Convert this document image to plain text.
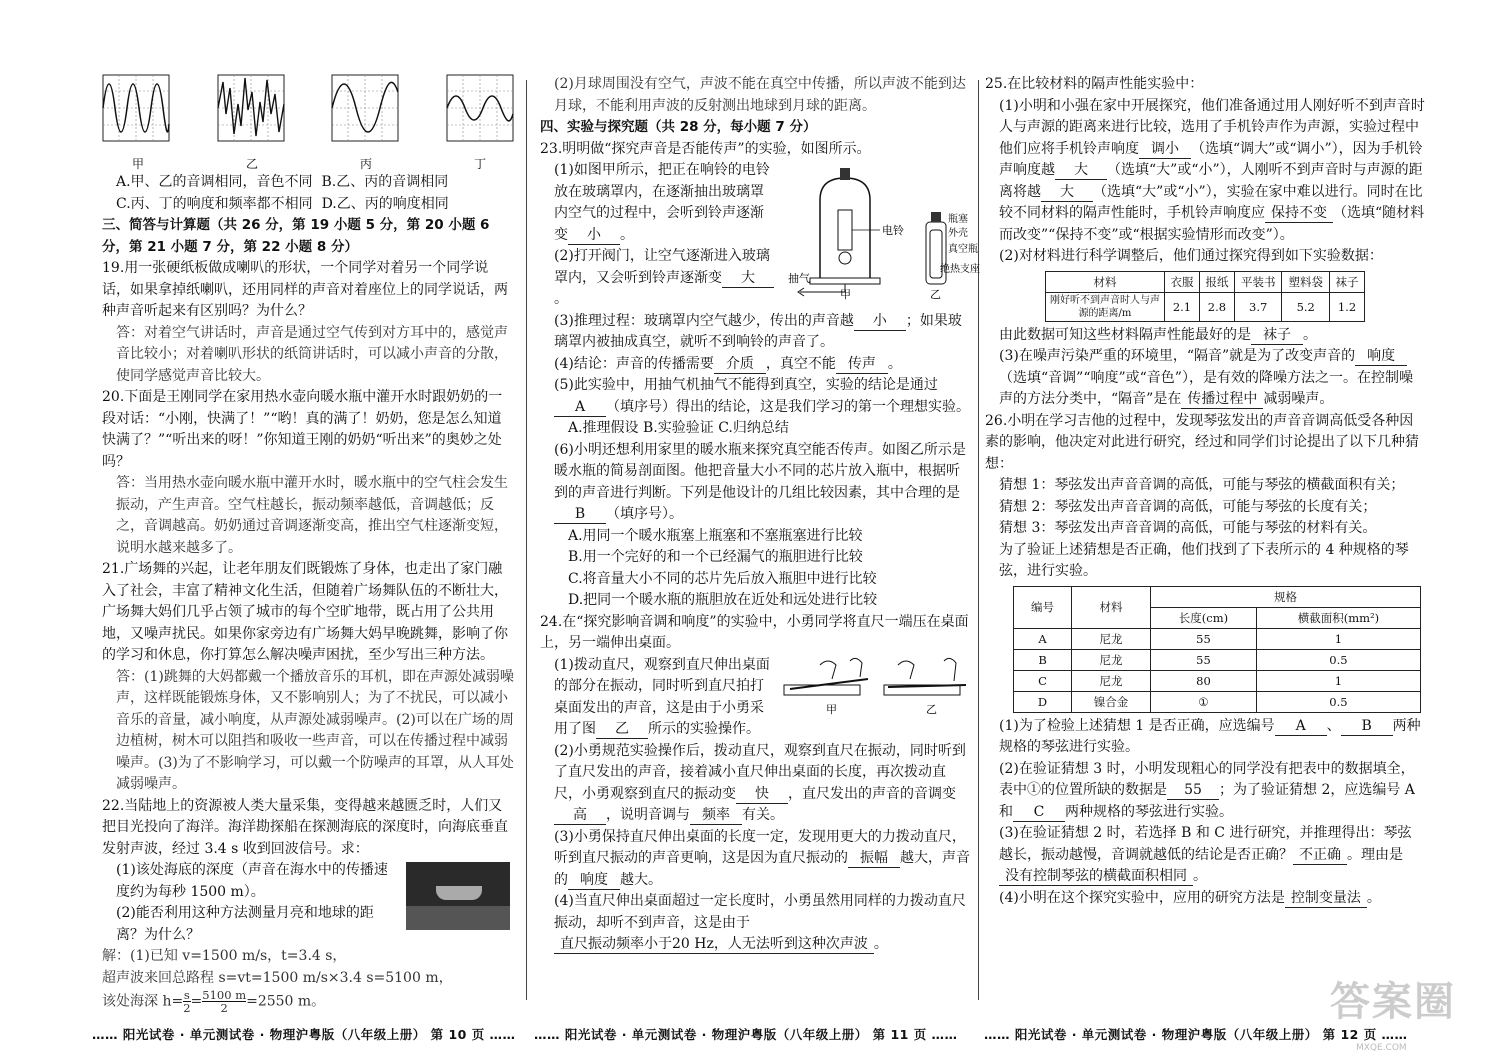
甲	乙	丙	丁

A.甲、乙的音调相同，音色不同 B.乙、丙的音调相同

C.丙、丁的响度和频率都不相同 D.乙、丙的响度相同

三、简答与计算题（共 26 分，第 19 小题 5 分，第 20 小题 6 分，第 21 小题 7 分，第 22 小题 8 分）

19.用一张硬纸板做成喇叭的形状，一个同学对着另一个同学说话，如果拿掉纸喇叭，还用同样的声音对着座位上的同学说话，两种声音听起来有区别吗？为什么？

答：对着空气讲话时，声音是通过空气传到对方耳中的，感觉声音比较小；对着喇叭形状的纸筒讲话时，可以减小声音的分散，使同学感觉声音比较大。

20.下面是王刚同学在家用热水壶向暖水瓶中灌开水时跟奶奶的一段对话：“小刚，快满了！”“哟！真的满了！奶奶，您是怎么知道快满了？”“听出来的呀！”你知道王刚的奶奶“听出来”的奥妙之处吗？

答：当用热水壶向暖水瓶中灌开水时，暖水瓶中的空气柱会发生振动，产生声音。空气柱越长，振动频率越低，音调越低；反之，音调越高。奶奶通过音调逐渐变高，推出空气柱逐渐变短，说明水越来越多了。

21.广场舞的兴起，让老年朋友们既锻炼了身体，也走出了家门融入了社会，丰富了精神文化生活，但随着广场舞队伍的不断壮大，广场舞大妈们几乎占领了城市的每个空旷地带，既占用了公共用地，又噪声扰民。如果你家旁边有广场舞大妈早晚跳舞，影响了你的学习和休息，你打算怎么解决噪声困扰，至少写出三种方法。

答：(1)跳舞的大妈都戴一个播放音乐的耳机，即在声源处减弱噪声，这样既能锻炼身体，又不影响别人；为了不扰民，可以减小音乐的音量，减小响度，从声源处减弱噪声。(2)可以在广场的周边植树，树木可以阻挡和吸收一些声音，可以在传播过程中减弱噪声。(3)为了不影响学习，可以戴一个防噪声的耳罩，从人耳处减弱噪声。

22.当陆地上的资源被人类大量采集，变得越来越匮乏时，人们又把目光投向了海洋。海洋勘探船在探测海底的深度时，向海底垂直发射声波，经过 3.4 s 收到回波信号。求：

(1)该处海底的深度（声音在海水中的传播速度约为每秒 1500 m）。

(2)能否利用这种方法测量月亮和地球的距离？为什么？

解：(1)已知 v=1500 m/s，t=3.4 s，

超声波来回总路程 s=vt=1500 m/s×3.4 s=5100 m，

该处海深 $h= \frac{s}{2} = \frac{5100 m}{2} =2550$ m。

(2)月球周围没有空气，声波不能在真空中传播，所以声波不能到达月球，不能利用声波的反射测出地球到月球的距离。

四、实验与探究题（共 28 分，每小题 7 分）

23.明明做“探究声音是否能传声”的实验，如图所示。

抽气
电铃
瓶塞
外壳
真空瓶
绝热支座
甲	乙

(1)如图甲所示，把正在响铃的电铃放在玻璃罩内，在逐渐抽出玻璃罩内空气的过程中，会听到铃声逐渐变 小 。

(2)打开阀门，让空气逐渐进入玻璃罩内，又会听到铃声逐渐变 大。

(3)推理过程：玻璃罩内空气越少，传出的声音越 小 ；如果玻璃罩内被抽成真空，就听不到响铃的声音了。

(4)结论：声音的传播需要 介质 ，真空不能 传声 。

(5)此实验中，用抽气机抽气不能得到真空，实验的结论是通过A （填序号）得出的结论，这是我们学习的第一个理想实验。

A.推理假设 B.实验验证 C.归纳总结

(6)小明还想利用家里的暖水瓶来探究真空能否传声。如图乙所示是暖水瓶的简易剖面图。他把音量大小不同的芯片放入瓶中，根据听到的声音进行判断。下列是他设计的几组比较因素，其中合理的是B （填序号）。

A.用同一个暖水瓶塞上瓶塞和不塞瓶塞进行比较

B.用一个完好的和一个已经漏气的瓶胆进行比较

C.将音量大小不同的芯片先后放入瓶胆中进行比较

D.把同一个暖水瓶的瓶胆放在近处和远处进行比较

24.在“探究影响音调和响度”的实验中，小勇同学将直尺一端压在桌面上，另一端伸出桌面。

甲	乙

(1)拨动直尺，观察到直尺伸出桌面的部分在振动，同时听到直尺拍打桌面发出的声音，这是由于小勇采用了图 乙 所示的实验操作。

(2)小勇规范实验操作后，拨动直尺，观察到直尺在振动，同时听到了直尺发出的声音，接着减小直尺伸出桌面的长度，再次拨动直尺，小勇观察到直尺的振动变 快 ，直尺发出的声音的音调变高 ，说明音调与 频率 有关。

(3)小勇保持直尺伸出桌面的长度一定，发现用更大的力拨动直尺，听到直尺振动的声音更响，这是因为直尺振动的 振幅 越大，声音的 响度 越大。

(4)当直尺伸出桌面超过一定长度时，小勇虽然用同样的力拨动直尺振动，却听不到声音，这是由于直尺振动频率小于20 Hz，人无法听到这种次声波 。

25.在比较材料的隔声性能实验中：

(1)小明和小强在家中开展探究，他们准备通过用人刚好听不到声音时人与声源的距离来进行比较，选用了手机铃声作为声源，实验过程中他们应将手机铃声响度 调小 （选填“调大”或“调小”），因为手机铃声响度越 大 （选填“大”或“小”），人刚听不到声音时与声源的距离将越 大 （选填“大”或“小”），实验在家中难以进行。同时在比较不同材料的隔声性能时，手机铃声响度应 保持不变 （选填“随材料而改变”“保持不变”或“根据实验情形而改变”）。

(2)对材料进行科学调整后，他们通过探究得到如下实验数据：

材料	衣服	报纸	平装书	塑料袋	袜子
刚好听不到声音时人与声源的距离/m	2.1	2.8	3.7	5.2	1.2

由此数据可知这些材料隔声性能最好的是 袜子 。

(3)在噪声污染严重的环境里，“隔音”就是为了改变声音的 响度（选填“音调”“响度”或“音色”），是有效的降噪方法之一。在控制噪声的方法分类中，“隔音”是在 传播过程中 减弱噪声。

26.小明在学习吉他的过程中，发现琴弦发出的声音音调高低受各种因素的影响，他决定对此进行研究，经过和同学们讨论提出了以下几种猜想：

猜想 1：琴弦发出声音音调的高低，可能与琴弦的横截面积有关；

猜想 2：琴弦发出声音音调的高低，可能与琴弦的长度有关；

猜想 3：琴弦发出声音音调的高低，可能与琴弦的材料有关。

为了验证上述猜想是否正确，他们找到了下表所示的 4 种规格的琴弦，进行实验。

编号	材料	规格	
		长度(cm)	横截面积(mm²)
A	尼龙	55	1
B	尼龙	55	0.5
C	尼龙	80	1
D	镍合金	①	0.5

(1)为了检验上述猜想 1 是否正确，应选编号 A 、 B 两种规格的琴弦进行实验。

(2)在验证猜想 3 时，小明发现粗心的同学没有把表中的数据填全，表中①的位置所缺的数据是 55 ；为了验证猜想 2，应选编号 A 和 C 两种规格的琴弦进行实验。

(3)在验证猜想 2 时，若选择 B 和 C 进行研究，并推理得出：琴弦越长，振动越慢，音调就越低的结论是否正确？ 不正确 。理由是没有控制琴弦的横截面积相同 。

(4)小明在这个探究实验中，应用的研究方法是 控制变量法 。

…… 阳光试卷 · 单元测试卷 · 物理沪粤版（八年级上册） 第 10 页 …… …… 阳光试卷 · 单元测试卷 · 物理沪粤版（八年级上册） 第 11 页 …… …… 阳光试卷 · 单元测试卷 · 物理沪粤版（八年级上册） 第 12 页 ……
答案圈
MXQE.COM
